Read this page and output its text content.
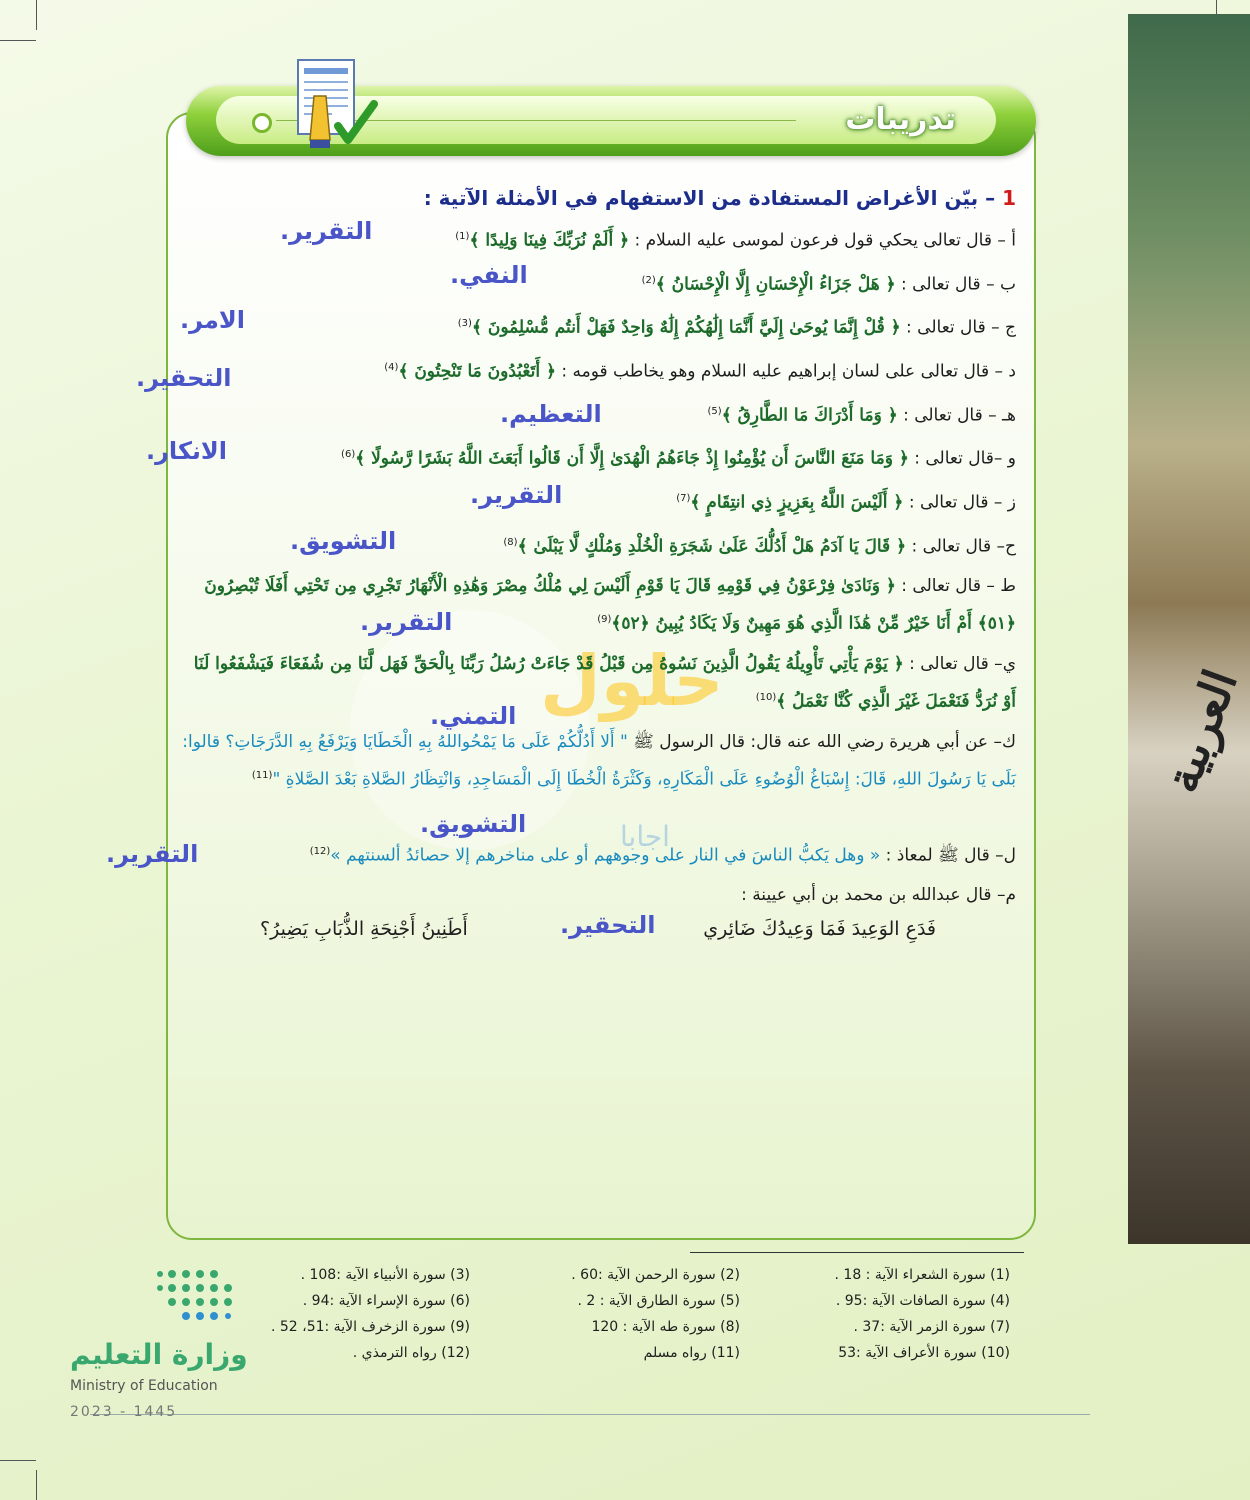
العربية
تدريبات
حلول
اجابا
1 – بيّن الأغراض المستفادة من الاستفهام في الأمثلة الآتية :
أ – قال تعالى يحكي قول فرعون لموسى عليه السلام : ﴿ أَلَمْ نُرَبِّكَ فِينَا وَلِيدًا ﴾$^{(1)}$
التقرير.
ب – قال تعالى : ﴿ هَلْ جَزَاءُ الْإِحْسَانِ إِلَّا الْإِحْسَانُ ﴾$^{(2)}$
النفي.
ج – قال تعالى : ﴿ قُلْ إِنَّمَا يُوحَىٰ إِلَيَّ أَنَّمَا إِلَٰهُكُمْ إِلَٰهٌ وَاحِدٌ فَهَلْ أَنتُم مُّسْلِمُونَ ﴾$^{(3)}$
الامر.
د – قال تعالى على لسان إبراهيم عليه السلام وهو يخاطب قومه : ﴿ أَتَعْبُدُونَ مَا تَنْحِتُونَ ﴾$^{(4)}$
التحقير.
هـ – قال تعالى : ﴿ وَمَا أَدْرَاكَ مَا الطَّارِقُ ﴾$^{(5)}$
التعظيم.
و –قال تعالى : ﴿ وَمَا مَنَعَ النَّاسَ أَن يُؤْمِنُوا إِذْ جَاءَهُمُ الْهُدَىٰ إِلَّا أَن قَالُوا أَبَعَثَ اللَّهُ بَشَرًا رَّسُولًا ﴾$^{(6)}$
الانكار.
ز – قال تعالى : ﴿ أَلَيْسَ اللَّهُ بِعَزِيزٍ ذِي انتِقَامٍ ﴾$^{(7)}$
التقرير.
ح– قال تعالى : ﴿ قَالَ يَا آدَمُ هَلْ أَدُلُّكَ عَلَىٰ شَجَرَةِ الْخُلْدِ وَمُلْكٍ لَّا يَبْلَىٰ ﴾$^{(8)}$
التشويق.
ط – قال تعالى : ﴿ وَنَادَىٰ فِرْعَوْنُ فِي قَوْمِهِ قَالَ يَا قَوْمِ أَلَيْسَ لِي مُلْكُ مِصْرَ وَهَٰذِهِ الْأَنْهَارُ تَجْرِي مِن تَحْتِي أَفَلَا تُبْصِرُونَ ﴿٥١﴾ أَمْ أَنَا خَيْرٌ مِّنْ هَٰذَا الَّذِي هُوَ مَهِينٌ وَلَا يَكَادُ يُبِينُ ﴿٥٢﴾$^{(9)}$
التقرير.
ي– قال تعالى : ﴿ يَوْمَ يَأْتِي تَأْوِيلُهُ يَقُولُ الَّذِينَ نَسُوهُ مِن قَبْلُ قَدْ جَاءَتْ رُسُلُ رَبِّنَا بِالْحَقِّ فَهَل لَّنَا مِن شُفَعَاءَ فَيَشْفَعُوا لَنَا أَوْ نُرَدُّ فَنَعْمَلَ غَيْرَ الَّذِي كُنَّا نَعْمَلُ ﴾$^{(10)}$
التمني.
ك– عن أبي هريرة رضي الله عنه قال: قال الرسول ﷺ " أَلا أَدُلُّكُمْ عَلَى مَا يَمْحُواللهُ بِهِ الْخَطَايَا وَيَرْفَعُ بِهِ الدَّرَجَاتِ؟ قالوا: بَلَى يَا رَسُولَ اللهِ، قَالَ: إِسْبَاغُ الْوُضُوءِ عَلَى الْمَكَارِهِ، وَكَثْرَةُ الْخُطَا إِلَى الْمَسَاجِدِ، وَانْتِظَارُ الصَّلاةِ بَعْدَ الصَّلاةِ "$^{(11)}$
التشويق.
ل– قال ﷺ لمعاذ : « وهل يَكبُّ الناسَ في النار على وجوههم أو على مناخرهم إلا حصائدُ ألسنتهم »$^{(12)}$
التقرير.
م– قال عبدالله بن محمد بن أبي عيينة :
التحقير.	فَدَعِ الوَعِيدَ فَمَا وَعِيدُكَ ضَائِري
أَطَنِينُ أَجْنِحَةِ الذُّبَابِ يَضِيرُ؟
(1) سورة الشعراء الآية : 18 .	(2) سورة الرحمن الآية :60 .	(3) سورة الأنبياء الآية :108 .
(4) سورة الصافات الآية :95 .	(5) سورة الطارق الآية : 2 .	(6) سورة الإسراء الآية :94 .
(7) سورة الزمر الآية :37 .	(8) سورة طه الآية : 120	(9) سورة الزخرف الآية :51، 52 .
(10) سورة الأعراف الآية :53	(11) رواه مسلم	(12) رواه الترمذي .
وزارة التعليم
Ministry of Education
2023 - 1445
